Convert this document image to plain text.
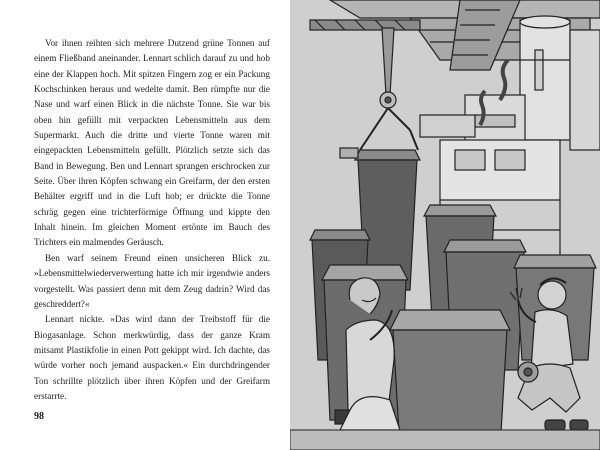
Vor ihnen reihten sich mehrere Dutzend grüne Tonnen auf einem Fließband aneinander. Lennart schlich darauf zu und hob eine der Klappen hoch. Mit spitzen Fingern zog er ein Packung Kochschinken heraus und wedelte damit. Ben rümpfte nur die Nase und warf einen Blick in die nächste Tonne. Sie war bis oben hin gefüllt mit verpackten Lebensmitteln aus dem Supermarkt. Auch die dritte und vierte Tonne waren mit eingepackten Lebensmitteln gefüllt. Plötzlich setzte sich das Band in Bewegung. Ben und Lennart sprangen erschrocken zur Seite. Über ihren Köpfen schwang ein Greifarm, der den ersten Behälter ergriff und in die Luft hob; er drückte die Tonne schräg gegen eine trichterförmige Öffnung und kippte den Inhalt hinein. Im gleichen Moment ertönte im Bauch des Trichters ein malmendes Geräusch.

Ben warf seinem Freund einen unsicheren Blick zu. »Lebensmittelwiederverwertung hatte ich mir irgendwie anders vorgestellt. Was passiert denn mit dem Zeug dadrin? Wird das geschreddert?«

Lennart nickte. »Das wird dann der Treibstoff für die Biogasanlage. Schon merkwürdig, dass der ganze Kram mitsamt Plastikfolie in einen Pott gekippt wird. Ich dachte, das würde vorher noch jemand auspacken.« Ein durchdringender Ton schrillte plötzlich über ihren Köpfen und der Greifarm erstarrte.

98
